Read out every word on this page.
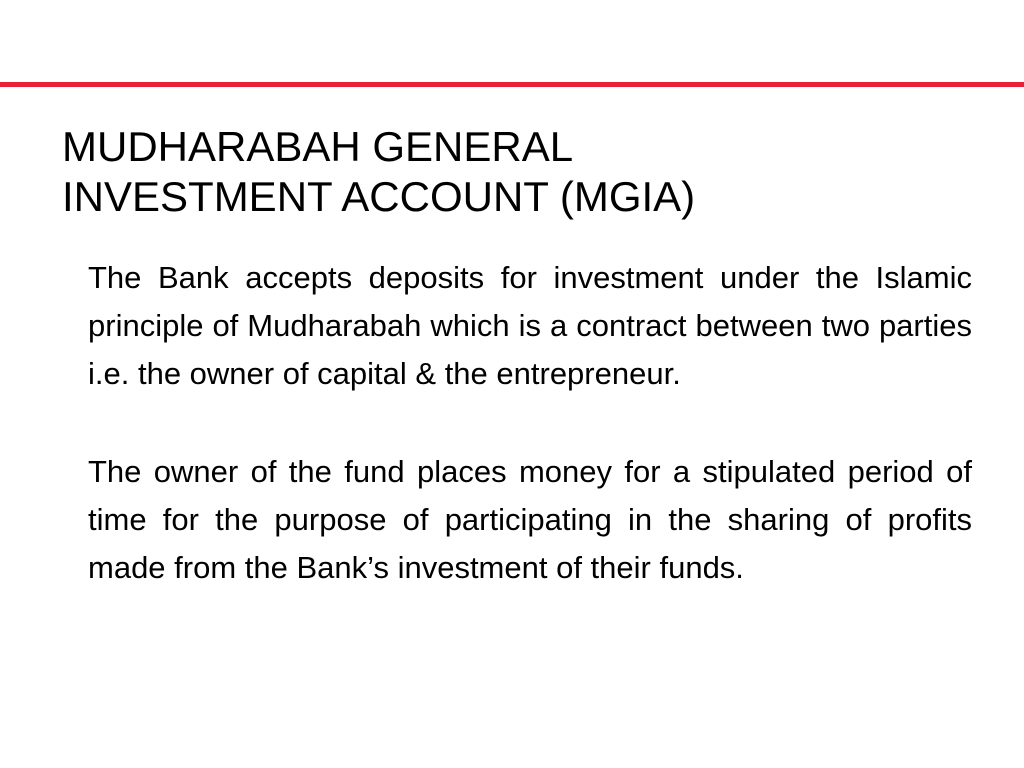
MUDHARABAH GENERAL
INVESTMENT ACCOUNT (MGIA)

The Bank accepts deposits for investment under the Islamic principle of Mudharabah which is a contract between two parties i.e. the owner of capital & the entrepreneur.

The owner of the fund places money for a stipulated period of time for the purpose of participating in the sharing of profits made from the Bank’s investment of their funds.
